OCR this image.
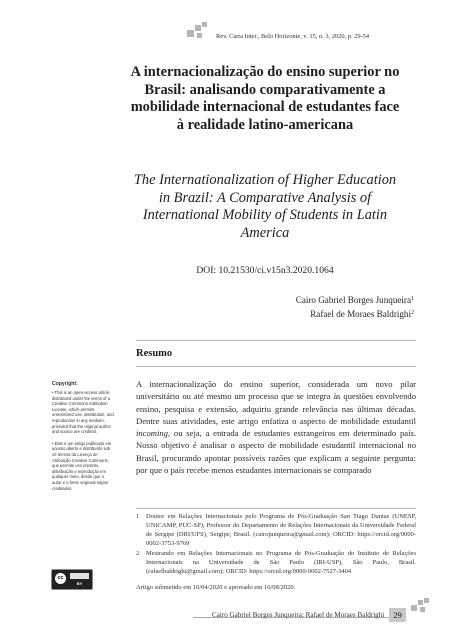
Rev. Carta Inter., Belo Horizonte, v. 15, n. 3, 2020, p. 29-54
A internacionalização do ensino superior no Brasil: analisando comparativamente a mobilidade internacional de estudantes face à realidade latino-americana
The Internationalization of Higher Education in Brazil: A Comparative Analysis of International Mobility of Students in Latin America
DOI: 10.21530/ci.v15n3.2020.1064
Cairo Gabriel Borges Junqueira$^1$
Rafael de Moraes Baldrighi$^2$
Resumo
A internacionalização do ensino superior, considerada um novo pilar universitário ou até mesmo um processo que se integra às questões envolvendo ensino, pesquisa e extensão, adquiriu grande relevância nas últimas décadas. Dentre suas atividades, este artigo enfatiza o aspecto de mobilidade estudantil incoming, ou seja, a entrada de estudantes estrangeiros em determinado país. Nosso objetivo é analisar o aspecto de mobilidade estudantil internacional no Brasil, procurando apontar possíveis razões que explicam a seguinte pergunta: por que o país recebe menos estudantes internacionais se comparado
Copyright:
• This is an open-access article distributed under the terms of a Creative Commons Attribution License, which permits unrestricted use, distribution, and reproduction in any medium, provided that the original author and source are credited.
• Este é um artigo publicado em acesso aberto e distribuído sob os termos da Licença de Atribuição Creative Commons, que permite uso irrestrito, distribuição e reprodução em qualquer meio, desde que o autor e a fonte originais sejam creditados.
cc
BY
1 Doutor em Relações Internacionais pelo Programa de Pós-Graduação San Tiago Dantas (UNESP, UNICAMP, PUC-SP); Professor do Departamento de Relações Internacionais da Universidade Federal de Sergipe (DRI/UFS), Sergipe, Brasil. (cairojunqueira@gmail.com); ORCID: https://orcid.org/0000-0002-3753-9769
2 Mestrando em Relações Internacionais no Programa de Pós-Graduação do Instituto de Relações Internacionais na Universidade de São Paulo (IRI-USP), São Paulo, Brasil. (rafaelbaldrighi@gmail.com); ORCID: https://orcid.org/0000-0002-7527-3404
Artigo submetido em 10/04/2020 e aprovado em 16/08/2020.
Cairo Gabriel Borges Junqueira; Rafael de Moraes Baldrighi	29
